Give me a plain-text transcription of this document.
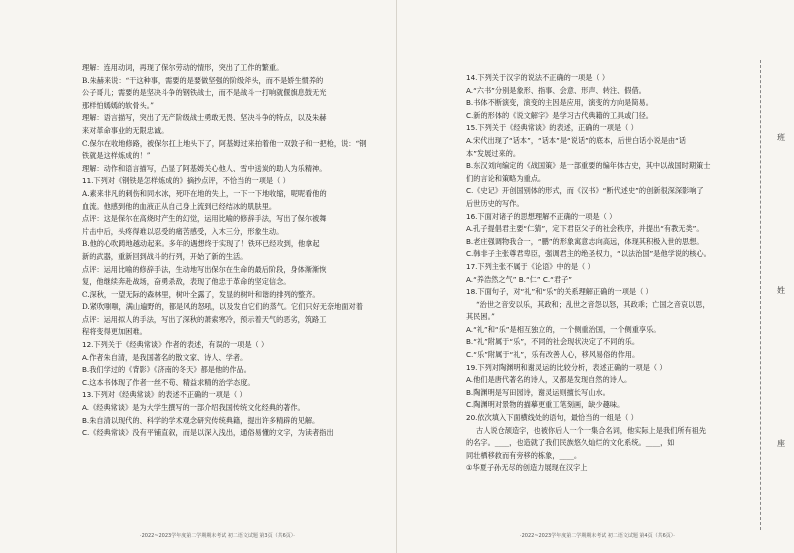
理解：连用动词，再现了保尔劳动的情形，突出了工作的繁重。

B.朱赫来说：“干这种事，需要的是要做坚强的阶级斧头，而不是娇生惯养的

公子哥儿；需要的是坚决斗争的钢铁战士，而不是战斗一打响就偃旗息鼓无光

那样怕嫣嫣的软骨头。”

理解：语言描写，突出了无产阶级战士勇敢无畏、坚决斗争的特点，以及朱赫

来对革命事业的无限忠诚。

C.保尔在收地修路，被保尔扛上地头下了，阿基姆过来拍着他一双敦子和一把枪，说：“钢

铁就是这样炼成的！”

理解：动作和语言描写，凸显了阿基姆关心他人、雪中送炭的助人为乐精神。

11.下列对《钢铁是怎样炼成的》摘抄点评，不恰当的一项是（ ）

A.素来非凡的刺伤和同水冰，死吓在地的失上，一下一下地收缩，呢呢看他的

血流。他感到他的血液正从自己身上流到已经结冰的肌肤里。

点评：这是保尔在高烧时产生的幻觉，运用比喻的修辞手法，写出了保尔被舞

片击中后，头疼得难以忍受的痛苦感受，入木三分，形象生动。

B.他的心吹踌地越动起来。多年的遇想终于实现了！铁环已经攻到，他拿起

新的武器，重新回到战斗的行列，开始了新的生活。

点评：运用比喻的修辞手法，生动地写出保尔在生命的最后阶段，身体渐渐恢

复，他继续奔赴战场，奋勇杀敌，表现了他忠于革命的坚定信念。

C.深秋，一望无际的森林里，树叶全露了，发显的树叶和谐的排列的整齐。

D.紧吹嗤嗤，满山遍野的，都是风的怒吼，以及发自它们的蒸气。它们只好无奈地面对着

点评：运用拟人的手法，写出了深秋的萧索寒冷，预示着天气的恶劣，筑路工

程将变得更加困难。

12.下列关于《经典常谈》作者的表述，有误的一项是（ ）

A.作者朱自清，是我国著名的散文家、诗人、学者。

B.我们学过的《背影》《济南的冬天》都是他的作品。

C.这本书体现了作者一丝不苟、精益求精的治学态度。

13.下列对《经典常谈》的表述不正确的一项是（ ）

A.《经典常谈》是为大学生撰写的一部介绍我国传统文化经典的著作。

B.朱自清以现代的、科学的学术观念研究传统典籍，提出许多精辟的见解。

C.《经典常谈》没有平铺直叙，而是以深入浅出，通俗易懂的文字，为读者指出

14.下列关于汉字的说法不正确的一项是（ ）

A.“六书”分别是象形、指事、会意、形声、转注、假借。

B.书体不断演变，演变的主因是应用，演变的方向是简易。

C.新的形体的《说文解字》是学习古代典籍的工具或门径。

15.下列关于《经典常谈》的表述，正确的一项是（ ）

A.宋代出现了“话本”，“话本”是“说话”的底本，后世白话小说是由“话

本”发展过来的。

B.东汉刘向编定的《战国策》是一部重要的编年体古史，其中以战国时期策士

们的言论和策略为重点。

C.《史记》开创国别体的形式，而《汉书》“断代述史”的创新很深深影响了

后世历史的写作。

16.下面对诸子的思想理解不正确的一项是（ ）

A.孔子提倡君主要“仁猜”，定下君臣父子的社会秩序，并提出“有教无类”。

B.老庄强调物我合一，“鹏”的形象寓意志向高远，体现其积极入世的思想。

C.韩非子主张尊君卑臣，强调君主的绝圣权力，“以法治国”是他学说的核心。

17.下列主张不属于《论语》中的是（ ）

A.“养浩然之气” B.“仁” C.“君子”

18.下面句子，对“礼”和“乐”的关系理解正确的一项是（ ）

“治世之音安以乐，其政和；乱世之音怨以怒，其政乖；亡国之音哀以思，

其民困。”

A.“礼”和“乐”是相互独立的，一个侧重治国，一个侧重享乐。

B.“礼”附属于“乐”，不同的社会现状决定了不同的乐。

C.“乐”附属于“礼”，乐有改善人心，移风易俗的作用。

19.下列对陶渊明和谢灵运的比较分析，表述正确的一项是（ ）

A.他们是唐代著名的诗人，又都是发现自然的诗人。

B.陶渊明是写田园诗，谢灵运则擅长写山水。

C.陶渊明对景物的描摹更重工笔刻画，缺少趣味。

20.依次填入下面横线处的语句，最恰当的一组是（ ）

古人说仓颉造字，也被你后人一个一集合名词，他实际上是我们所有祖先

的名字。____，也造就了我们民族悠久灿烂的文化系统。____，如

同壮栖移救而有旁移的栋象，____。

①华夏子孙无尽的创造力展现在汉字上

班
姓
座
·2022~2023学年度第二学期期末考试 初二语文试题 第3页（共6页）·	·2022~2023学年度第二学期期末考试 初二语文试题 第4页（共6页）·
